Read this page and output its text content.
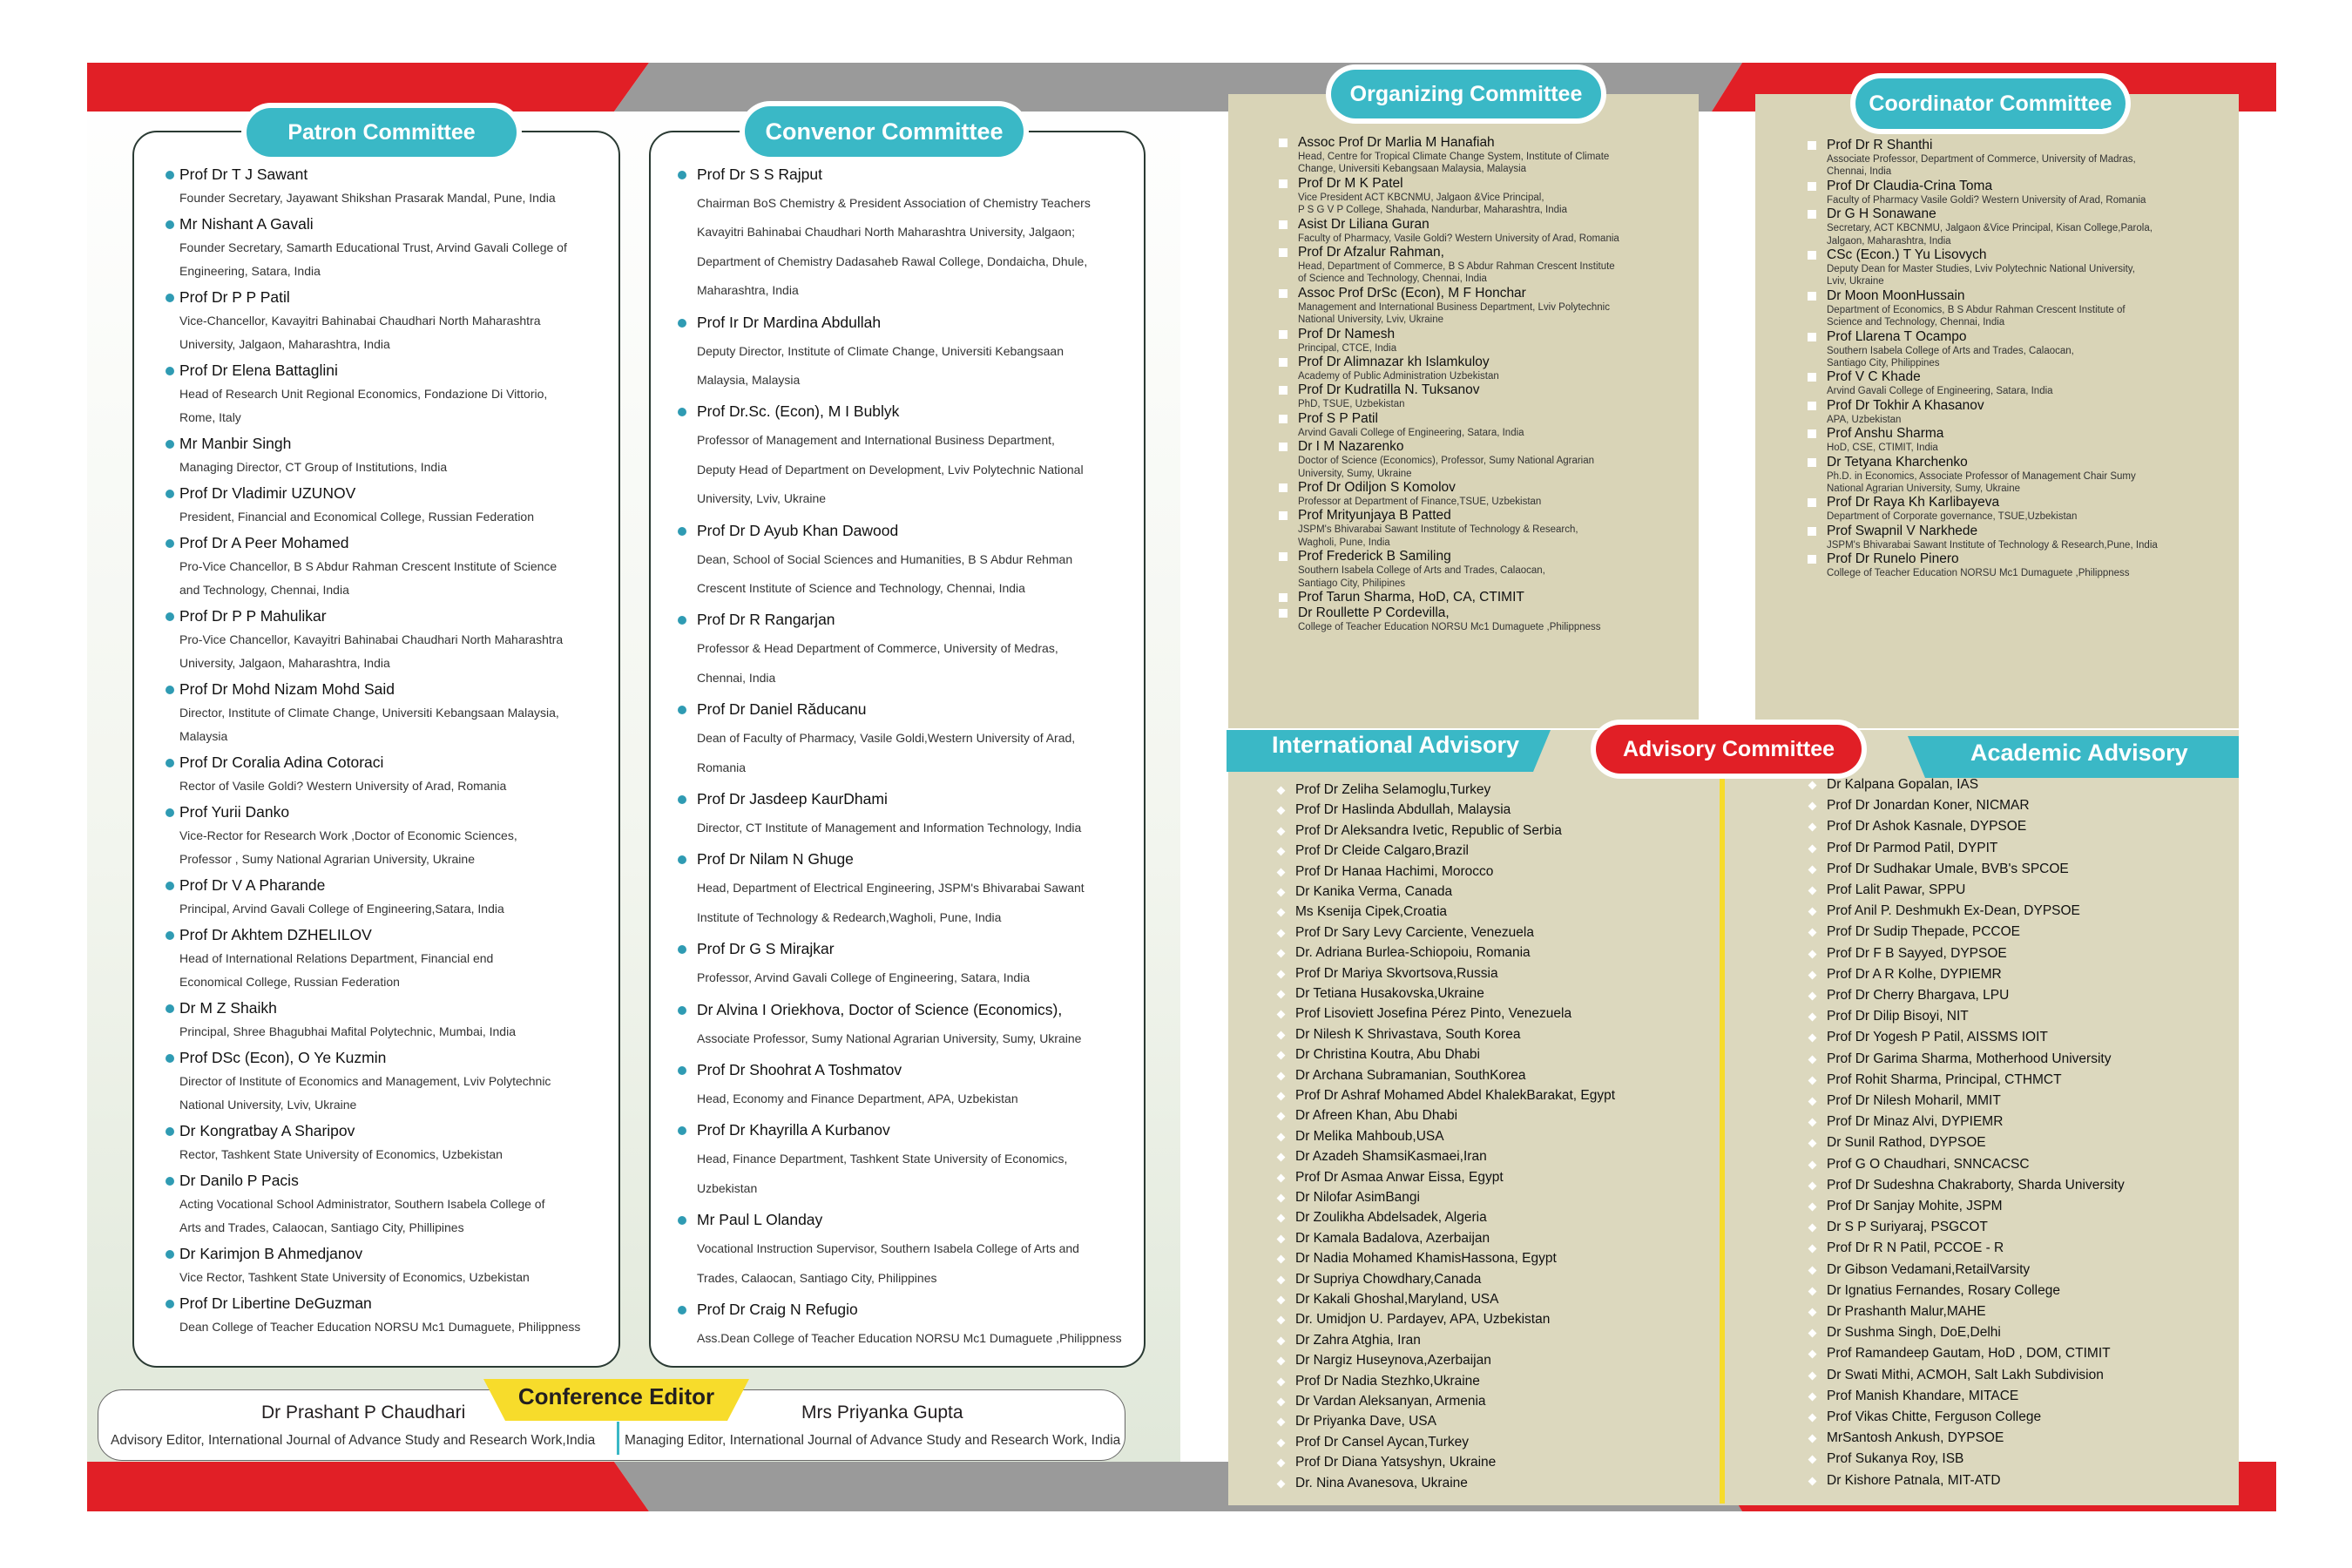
Patron Committee
Prof Dr T J Sawant
Founder Secretary, Jayawant Shikshan Prasarak Mandal, Pune, India
Mr Nishant A Gavali
Founder Secretary, Samarth Educational Trust, Arvind Gavali College of
Engineering, Satara, India
Prof Dr P P Patil
Vice-Chancellor, Kavayitri Bahinabai Chaudhari North Maharashtra
University, Jalgaon, Maharashtra, India
Prof Dr Elena Battaglini
Head of Research Unit Regional Economics, Fondazione Di Vittorio,
Rome, Italy
Mr Manbir Singh
Managing Director, CT Group of Institutions, India
Prof Dr Vladimir UZUNOV
President, Financial and Economical College, Russian Federation
Prof Dr A Peer Mohamed
Pro-Vice Chancellor, B S Abdur Rahman Crescent Institute of Science
and Technology, Chennai, India
Prof Dr P P Mahulikar
Pro-Vice Chancellor, Kavayitri Bahinabai Chaudhari North Maharashtra
University, Jalgaon, Maharashtra, India
Prof Dr Mohd Nizam Mohd Said
Director, Institute of Climate Change, Universiti Kebangsaan Malaysia,
Malaysia
Prof Dr Coralia Adina Cotoraci
Rector of Vasile Goldi? Western University of Arad, Romania
Prof Yurii Danko
Vice-Rector for Research Work ,Doctor of Economic Sciences,
Professor , Sumy National Agrarian University, Ukraine
Prof Dr V A Pharande
Principal, Arvind Gavali College of Engineering,Satara, India
Prof Dr Akhtem DZHELILOV
Head of International Relations Department, Financial end
Economical College, Russian Federation
Dr M Z Shaikh
Principal, Shree Bhagubhai Mafital Polytechnic, Mumbai, India
Prof DSc (Econ), O Ye Kuzmin
Director of Institute of Economics and Management, Lviv Polytechnic
National University, Lviv, Ukraine
Dr Kongratbay A Sharipov
Rector, Tashkent State University of Economics, Uzbekistan
Dr Danilo P Pacis
Acting Vocational School Administrator, Southern Isabela College of
Arts and Trades, Calaocan, Santiago City, Phillipines
Dr Karimjon B Ahmedjanov
Vice Rector, Tashkent State University of Economics, Uzbekistan
Prof Dr Libertine DeGuzman
Dean College of Teacher Education NORSU Mc1 Dumaguete, Philippness
Convenor Committee
Prof Dr S S Rajput
Chairman BoS Chemistry & President Association of Chemistry Teachers
Kavayitri Bahinabai Chaudhari North Maharashtra University, Jalgaon;
Department of Chemistry Dadasaheb Rawal College, Dondaicha, Dhule,
Maharashtra, India
Prof Ir Dr Mardina Abdullah
Deputy Director, Institute of Climate Change, Universiti Kebangsaan
Malaysia, Malaysia
Prof Dr.Sc. (Econ), M I Bublyk
Professor of Management and International Business Department,
Deputy Head of Department on Development, Lviv Polytechnic National
University, Lviv, Ukraine
Prof Dr D Ayub Khan Dawood
Dean, School of Social Sciences and Humanities, B S Abdur Rehman
Crescent Institute of Science and Technology, Chennai, India
Prof Dr R Rangarjan
Professor & Head Department of Commerce, University of Medras,
Chennai, India
Prof Dr Daniel Răducanu
Dean of Faculty of Pharmacy, Vasile Goldi,Western University of Arad,
Romania
Prof Dr Jasdeep KaurDhami
Director, CT Institute of Management and Information Technology, India
Prof Dr Nilam N Ghuge
Head, Department of Electrical Engineering, JSPM's Bhivarabai Sawant
Institute of Technology & Redearch,Wagholi, Pune, India
Prof Dr G S Mirajkar
Professor, Arvind Gavali College of Engineering, Satara, India
Dr Alvina I Oriekhova, Doctor of Science (Economics),
Associate Professor, Sumy National Agrarian University, Sumy, Ukraine
Prof Dr Shoohrat A Toshmatov
Head, Economy and Finance Department, APA, Uzbekistan
Prof Dr Khayrilla A Kurbanov
Head, Finance Department, Tashkent State University of Economics,
Uzbekistan
Mr Paul L Olanday
Vocational Instruction Supervisor, Southern Isabela College of Arts and
Trades, Calaocan, Santiago City, Philippines
Prof Dr Craig N Refugio
Ass.Dean College of Teacher Education NORSU Mc1 Dumaguete ,Philippness
Conference Editor
Dr Prashant P Chaudhari
Advisory Editor, International Journal of Advance Study and Research Work,India
Mrs Priyanka Gupta
Managing Editor, International Journal of Advance Study and Research Work, India
Organizing Committee
Assoc Prof Dr Marlia M Hanafiah
Head, Centre for Tropical Climate Change System, Institute of Climate
Change, Universiti Kebangsaan Malaysia, Malaysia
Prof Dr M K Patel
Vice President ACT KBCNMU, Jalgaon &Vice Principal,
P S G V P College, Shahada, Nandurbar, Maharashtra, India
Asist Dr Liliana Guran
Faculty of Pharmacy, Vasile Goldi? Western University of Arad, Romania
Prof Dr Afzalur Rahman,
Head, Department of Commerce, B S Abdur Rahman Crescent Institute
of Science and Technology, Chennai, India
Assoc Prof DrSc (Econ), M F Honchar
Management and International Business Department, Lviv Polytechnic
National University, Lviv, Ukraine
Prof Dr Namesh
Principal, CTCE, India
Prof Dr Alimnazar kh Islamkuloy
Academy of Public Administration Uzbekistan
Prof Dr Kudratilla N. Tuksanov
PhD, TSUE, Uzbekistan
Prof S P Patil
Arvind Gavali College of Engineering, Satara, India
Dr I M Nazarenko
Doctor of Science (Economics), Professor, Sumy National Agrarian
University, Sumy, Ukraine
Prof Dr Odiljon S Komolov
Professor at Department of Finance,TSUE, Uzbekistan
Prof Mrityunjaya B Patted
JSPM's Bhivarabai Sawant Institute of Technology & Research,
Wagholi, Pune, India
Prof Frederick B Samiling
Southern Isabela College of Arts and Trades, Calaocan,
Santiago City, Philipines
Prof Tarun Sharma, HoD, CA, CTIMIT
Dr Roullette P Cordevilla,
College of Teacher Education NORSU Mc1 Dumaguete ,Philippness
Coordinator Committee
Prof Dr R Shanthi
Associate Professor, Department of Commerce, University of Madras,
Chennai, India
Prof Dr Claudia-Crina Toma
Faculty of Pharmacy Vasile Goldi? Western University of Arad, Romania
Dr G H Sonawane
Secretary, ACT KBCNMU, Jalgaon &Vice Principal, Kisan College,Parola,
Jalgaon, Maharashtra, India
CSc (Econ.) T Yu Lisovych
Deputy Dean for Master Studies, Lviv Polytechnic National University,
Lviv, Ukraine
Dr Moon MoonHussain
Department of Economics, B S Abdur Rahman Crescent Institute of
Science and Technology, Chennai, India
Prof Llarena T Ocampo
Southern Isabela College of Arts and Trades, Calaocan,
Santiago City, Philippines
Prof V C Khade
Arvind Gavali College of Engineering, Satara, India
Prof Dr Tokhir A Khasanov
APA, Uzbekistan
Prof Anshu Sharma
HoD, CSE, CTIMIT, India
Dr Tetyana Kharchenko
Ph.D. in Economics, Associate Professor of Management Chair Sumy
National Agrarian University, Sumy, Ukraine
Prof Dr Raya Kh Karlibayeva
Department of Corporate governance, TSUE,Uzbekistan
Prof Swapnil V Narkhede
JSPM's Bhivarabai Sawant Institute of Technology & Research,Pune, India
Prof Dr Runelo Pinero
College of Teacher Education NORSU Mc1 Dumaguete ,Philippness
International Advisory	Academic Advisory
Advisory Committee
Prof Dr Zeliha Selamoglu,Turkey
Prof Dr Haslinda Abdullah, Malaysia
Prof Dr Aleksandra Ivetic, Republic of Serbia
Prof Dr Cleide Calgaro,Brazil
Prof Dr Hanaa Hachimi, Morocco
Dr Kanika Verma, Canada
Ms Ksenija Cipek,Croatia
Prof Dr Sary Levy Carciente, Venezuela
Dr. Adriana Burlea-Schiopoiu, Romania
Prof Dr Mariya Skvortsova,Russia
Dr Tetiana Husakovska,Ukraine
Prof Lisoviett Josefina Pérez Pinto, Venezuela
Dr Nilesh K Shrivastava, South Korea
Dr Christina Koutra, Abu Dhabi
Dr Archana Subramanian, SouthKorea
Prof Dr Ashraf Mohamed Abdel KhalekBarakat, Egypt
Dr Afreen Khan, Abu Dhabi
Dr Melika Mahboub,USA
Dr Azadeh ShamsiKasmaei,Iran
Prof Dr Asmaa Anwar Eissa, Egypt
Dr Nilofar AsimBangi
Dr Zoulikha Abdelsadek, Algeria
Dr Kamala Badalova, Azerbaijan
Dr Nadia Mohamed KhamisHassona, Egypt
Dr Supriya Chowdhary,Canada
Dr Kakali Ghoshal,Maryland, USA
Dr. Umidjon U. Pardayev, APA, Uzbekistan
Dr Zahra Atghia, Iran
Dr Nargiz Huseynova,Azerbaijan
Prof Dr Nadia Stezhko,Ukraine
Dr Vardan Aleksanyan, Armenia
Dr Priyanka Dave, USA
Prof Dr Cansel Aycan,Turkey
Prof Dr Diana Yatsyshyn, Ukraine
Dr. Nina Avanesova, Ukraine
Dr Kalpana Gopalan, IAS
Prof Dr Jonardan Koner, NICMAR
Prof Dr Ashok Kasnale, DYPSOE
Prof Dr Parmod Patil, DYPIT
Prof Dr Sudhakar Umale, BVB's SPCOE
Prof Lalit Pawar, SPPU
Prof Anil P. Deshmukh Ex-Dean, DYPSOE
Prof Dr Sudip Thepade, PCCOE
Prof Dr F B Sayyed, DYPSOE
Prof Dr A R Kolhe, DYPIEMR
Prof Dr Cherry Bhargava, LPU
Prof Dr Dilip Bisoyi, NIT
Prof Dr Yogesh P Patil, AISSMS IOIT
Prof Dr Garima Sharma, Motherhood University
Prof Rohit Sharma, Principal, CTHMCT
Prof Dr Nilesh Moharil, MMIT
Prof Dr Minaz Alvi, DYPIEMR
Dr Sunil Rathod, DYPSOE
Prof G O Chaudhari, SNNCACSC
Prof Dr Sudeshna Chakraborty, Sharda University
Prof Dr Sanjay Mohite, JSPM
Dr S P Suriyaraj, PSGCOT
Prof Dr R N Patil, PCCOE - R
Dr Gibson Vedamani,RetailVarsity
Dr Ignatius Fernandes, Rosary College
Dr Prashanth Malur,MAHE
Dr Sushma Singh, DoE,Delhi
Prof Ramandeep Gautam, HoD , DOM, CTIMIT
Dr Swati Mithi, ACMOH, Salt Lakh Subdivision
Prof Manish Khandare, MITACE
Prof Vikas Chitte, Ferguson College
MrSantosh Ankush, DYPSOE
Prof Sukanya Roy, ISB
Dr Kishore Patnala, MIT-ATD
